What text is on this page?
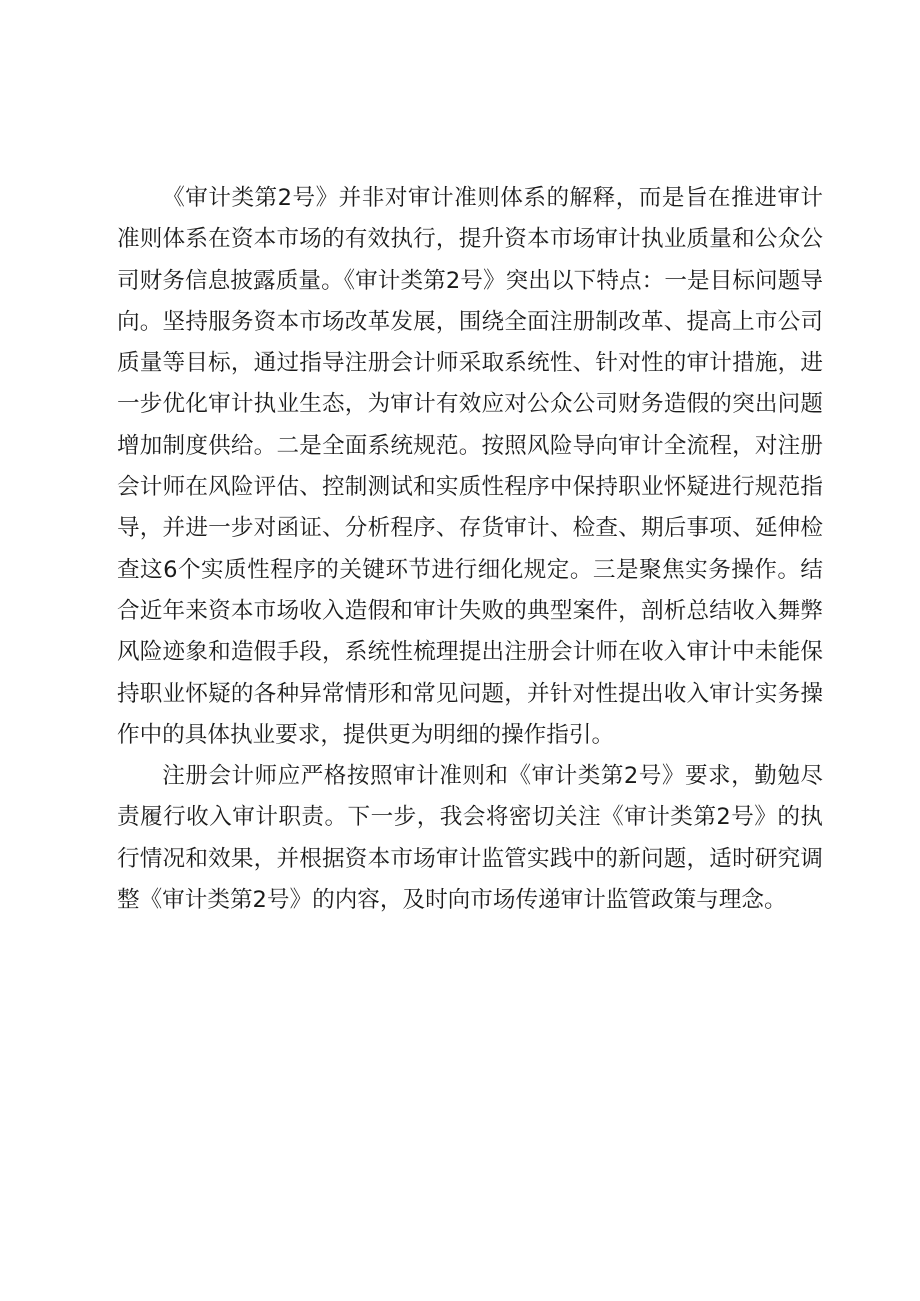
《审计类第2号》并非对审计准则体系的解释，而是旨在推进审计准则体系在资本市场的有效执行，提升资本市场审计执业质量和公众公司财务信息披露质量。《审计类第2号》突出以下特点：一是目标问题导向。坚持服务资本市场改革发展，围绕全面注册制改革、提高上市公司质量等目标，通过指导注册会计师采取系统性、针对性的审计措施，进一步优化审计执业生态，为审计有效应对公众公司财务造假的突出问题增加制度供给。二是全面系统规范。按照风险导向审计全流程，对注册会计师在风险评估、控制测试和实质性程序中保持职业怀疑进行规范指导，并进一步对函证、分析程序、存货审计、检查、期后事项、延伸检查这6个实质性程序的关键环节进行细化规定。三是聚焦实务操作。结合近年来资本市场收入造假和审计失败的典型案件，剖析总结收入舞弊风险迹象和造假手段，系统性梳理提出注册会计师在收入审计中未能保持职业怀疑的各种异常情形和常见问题，并针对性提出收入审计实务操作中的具体执业要求，提供更为明细的操作指引。

注册会计师应严格按照审计准则和《审计类第2号》要求，勤勉尽责履行收入审计职责。下一步，我会将密切关注《审计类第2号》的执行情况和效果，并根据资本市场审计监管实践中的新问题，适时研究调整《审计类第2号》的内容，及时向市场传递审计监管政策与理念。
